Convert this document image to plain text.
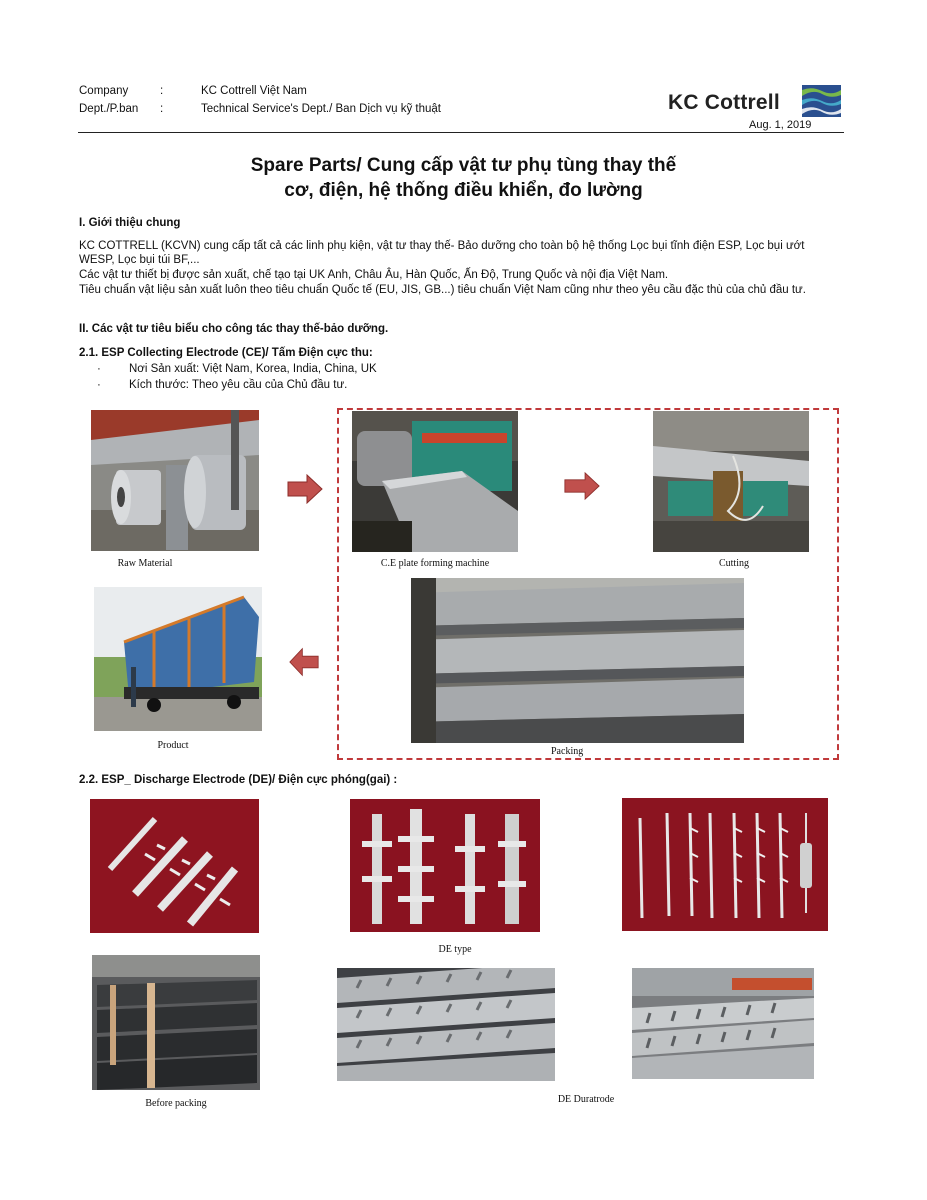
Company	:	KC Cottrell Việt Nam
Dept./P.ban :	Technical Service's Dept./ Ban Dịch vụ kỹ thuật	KC Cottrell
Aug. 1, 2019
Spare Parts/ Cung cấp vật tư phụ tùng thay thế
cơ, điện, hệ thống điều khiển, đo lường
I. Giới thiệu chung
KC COTTRELL (KCVN) cung cấp tất cả các linh phụ kiện, vật tư thay thế- Bảo dưỡng cho toàn bộ hệ thống Lọc bụi tĩnh điện ESP, Lọc bụi ướt
WESP, Lọc bụi túi BF,...
Các vật tư thiết bị được sản xuất, chế tạo tại UK Anh, Châu Âu, Hàn Quốc, Ấn Độ, Trung Quốc và nội địa Việt Nam.
Tiêu chuẩn vật liệu sản xuất luôn theo tiêu chuẩn Quốc tế (EU, JIS, GB...) tiêu chuẩn Việt Nam cũng như theo yêu cầu đặc thù của chủ đầu tư.
II. Các vật tư tiêu biểu cho công tác thay thế-bảo dưỡng.
2.1. ESP Collecting Electrode (CE)/ Tấm Điện cực thu:
· Nơi Sản xuất: Việt Nam, Korea, India, China, UK
· Kích thước: Theo yêu cầu của Chủ đầu tư.
Raw Material	C.E plate forming machine	Cutting
Product
Packing
2.2. ESP_ Discharge Electrode (DE)/ Điện cực phóng(gai) :
DE type
Before packing	DE Duratrode
